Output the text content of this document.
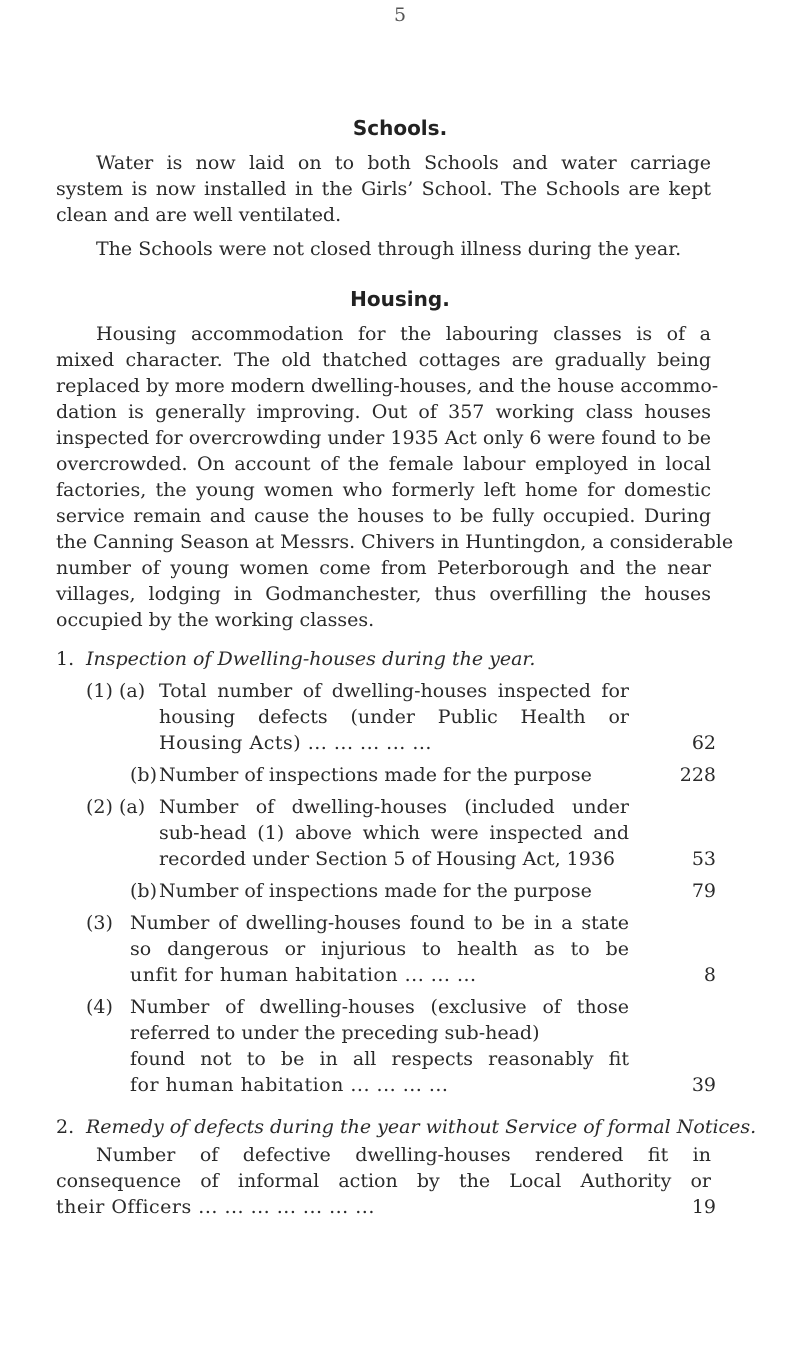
5
Schools.
Water is now laid on to both Schools and water carriage
system is now installed in the Girls’ School. The Schools are kept
clean and are well ventilated.
The Schools were not closed through illness during the year.
Housing.
Housing accommodation for the labouring classes is of a
mixed character. The old thatched cottages are gradually being
replaced by more modern dwelling-houses, and the house accommo-
dation is generally improving. Out of 357 working class houses
inspected for overcrowding under 1935 Act only 6 were found to be
overcrowded. On account of the female labour employed in local
factories, the young women who formerly left home for domestic
service remain and cause the houses to be fully occupied. During
the Canning Season at Messrs. Chivers in Huntingdon, a considerable
number of young women come from Peterborough and the near
villages, lodging in Godmanchester, thus overfilling the houses
occupied by the working classes.
1. Inspection of Dwelling-houses during the year.
(1) (a) Total number of dwelling-houses inspected for
housing defects (under Public Health or
Housing Acts) ... ... ... ... ...	62
(b) Number of inspections made for the purpose	228
(2) (a) Number of dwelling-houses (included under
sub-head (1) above which were inspected and
recorded under Section 5 of Housing Act, 1936	53
(b) Number of inspections made for the purpose	79
(3) Number of dwelling-houses found to be in a state
so dangerous or injurious to health as to be
unfit for human habitation ... ... ...	8
(4) Number of dwelling-houses (exclusive of those
referred to under the preceding sub-head)
found not to be in all respects reasonably fit
for human habitation ... ... ... ...	39
2. Remedy of defects during the year without Service of formal Notices.
Number of defective dwelling-houses rendered fit in
consequence of informal action by the Local Authority or
their Officers ... ... ... ... ... ... ...	19
